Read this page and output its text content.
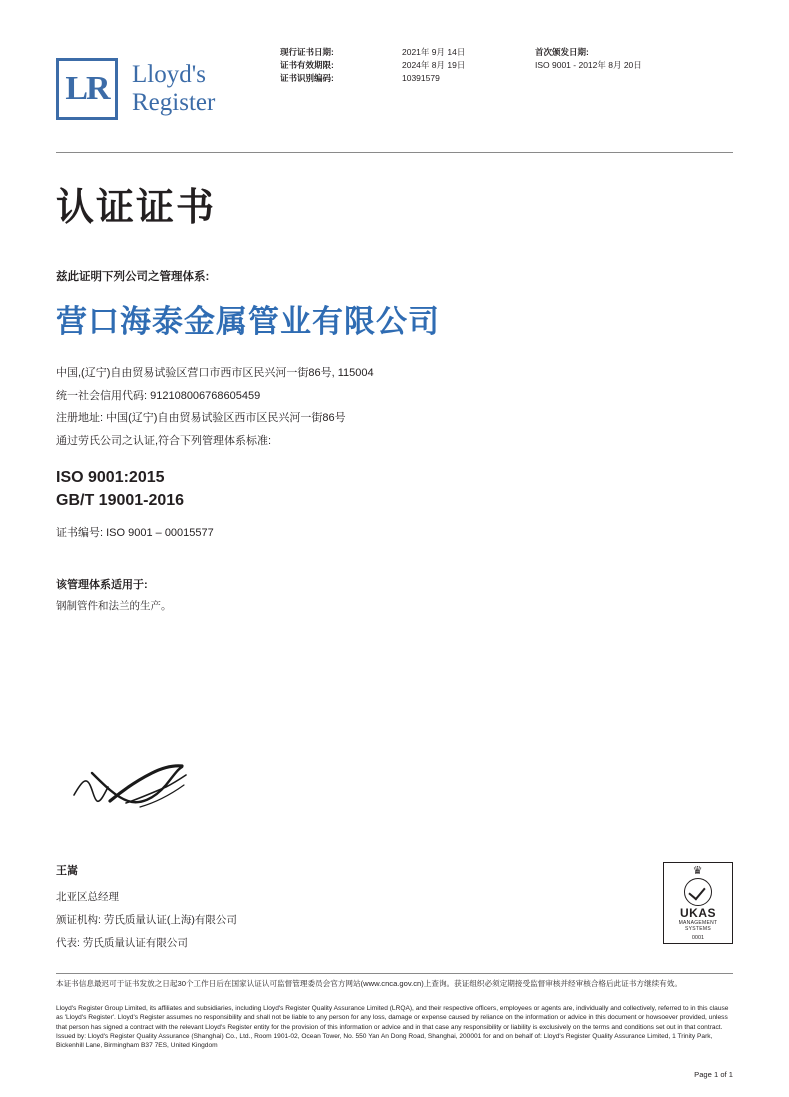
LR Lloyd's
Register
现行证书日期:
证书有效期限:
证书识别编码:
2021年 9月 14日
2024年 8月 19日
10391579
首次颁发日期:
ISO 9001 - 2012年 8月 20日
认证证书
兹此证明下列公司之管理体系:
营口海泰金属管业有限公司
中国,(辽宁)自由贸易试验区营口市西市区民兴河一街86号, 115004
统一社会信用代码: 91210800676860​5459
注册地址: 中国(辽宁)自由贸易试验区西市区民兴河一街86号
通过劳氏公司之认证,符合下列管理体系标准:
ISO 9001:2015
GB/T 19001-2016
证书编号: ISO 9001 – 00015577
该管理体系适用于:
钢制管件和法兰的生产。
王嵩
北亚区总经理
颁证机构: 劳氏质量认证(上海)有限公司
代表: 劳氏质量认证有限公司
♛
UKAS
MANAGEMENT
SYSTEMS
0001
本证书信息最迟可于证书发放之日起30个工作日后在国家认证认可监督管理委员会官方网站(www.cnca.gov.cn)上查询。获证组织必须定期接受监督审核并经审核合格后此证书方继续有效。
Lloyd's Register Group Limited, its affiliates and subsidiaries, including Lloyd's Register Quality Assurance Limited (LRQA), and their respective officers, employees or agents are, individually and collectively, referred to in this clause as 'Lloyd's Register'. Lloyd's Register assumes no responsibility and shall not be liable to any person for any loss, damage or expense caused by reliance on the information or advice in this document or howsoever provided, unless that person has signed a contract with the relevant Lloyd's Register entity for the provision of this information or advice and in that case any responsibility or liability is exclusively on the terms and conditions set out in that contract. Issued by: Lloyd's Register Quality Assurance (Shanghai) Co., Ltd., Room 1901-02, Ocean Tower, No. 550 Yan An Dong Road, Shanghai, 200001 for and on behalf of: Lloyd's Register Quality Assurance Limited, 1 Trinity Park, Bickenhill Lane, Birmingham B37 7ES, United Kingdom
Page 1 of 1
